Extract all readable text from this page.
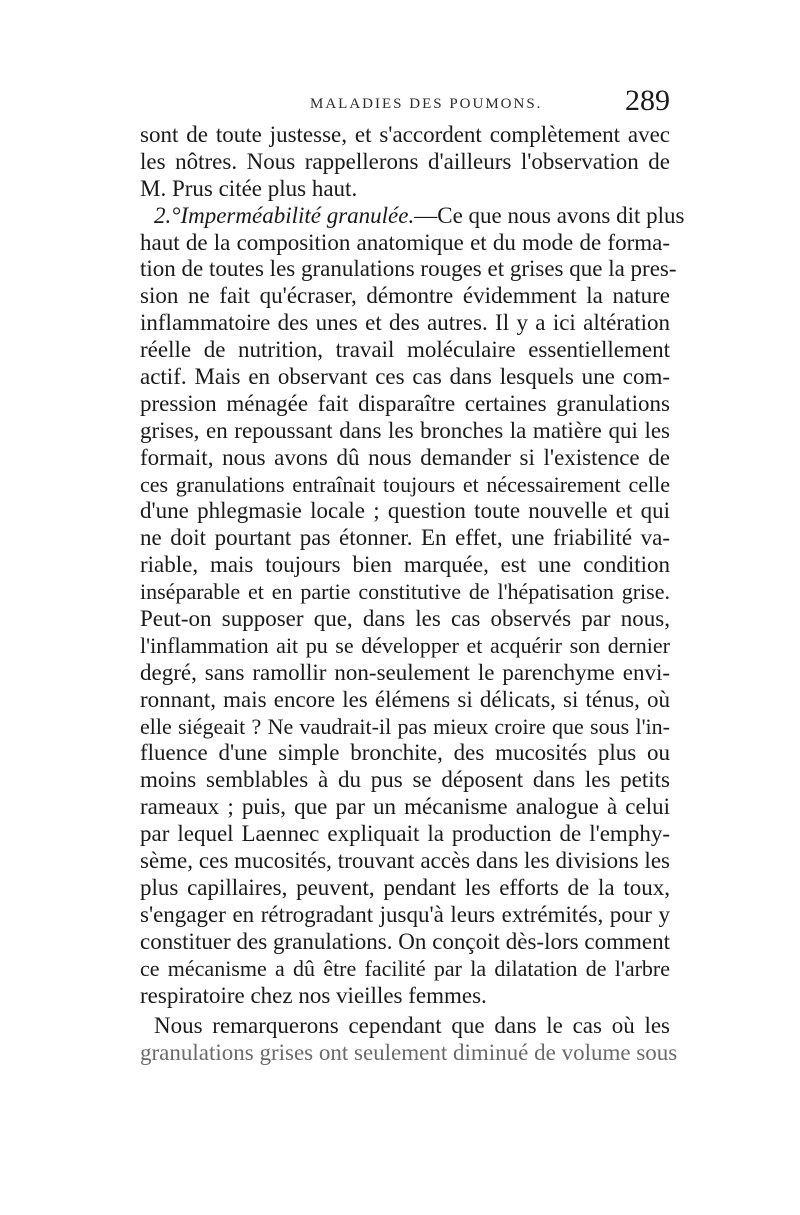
MALADIES DES POUMONS.	289
sont de toute justesse, et s'accordent complètement avec
les nôtres. Nous rappellerons d'ailleurs l'observation de
M. Prus citée plus haut.
2.°Imperméabilité granulée.—Ce que nous avons dit plus
haut de la composition anatomique et du mode de forma-
tion de toutes les granulations rouges et grises que la pres-
sion ne fait qu'écraser, démontre évidemment la nature
inflammatoire des unes et des autres. Il y a ici altération
réelle de nutrition, travail moléculaire essentiellement
actif. Mais en observant ces cas dans lesquels une com-
pression ménagée fait disparaître certaines granulations
grises, en repoussant dans les bronches la matière qui les
formait, nous avons dû nous demander si l'existence de
ces granulations entraînait toujours et nécessairement celle
d'une phlegmasie locale ; question toute nouvelle et qui
ne doit pourtant pas étonner. En effet, une friabilité va-
riable, mais toujours bien marquée, est une condition
inséparable et en partie constitutive de l'hépatisation grise.
Peut-on supposer que, dans les cas observés par nous,
l'inflammation ait pu se développer et acquérir son dernier
degré, sans ramollir non-seulement le parenchyme envi-
ronnant, mais encore les élémens si délicats, si ténus, où
elle siégeait ? Ne vaudrait-il pas mieux croire que sous l'in-
fluence d'une simple bronchite, des mucosités plus ou
moins semblables à du pus se déposent dans les petits
rameaux ; puis, que par un mécanisme analogue à celui
par lequel Laennec expliquait la production de l'emphy-
sème, ces mucosités, trouvant accès dans les divisions les
plus capillaires, peuvent, pendant les efforts de la toux,
s'engager en rétrogradant jusqu'à leurs extrémités, pour y
constituer des granulations. On conçoit dès-lors comment
ce mécanisme a dû être facilité par la dilatation de l'arbre
respiratoire chez nos vieilles femmes.
Nous remarquerons cependant que dans le cas où les
granulations grises ont seulement diminué de volume sous
